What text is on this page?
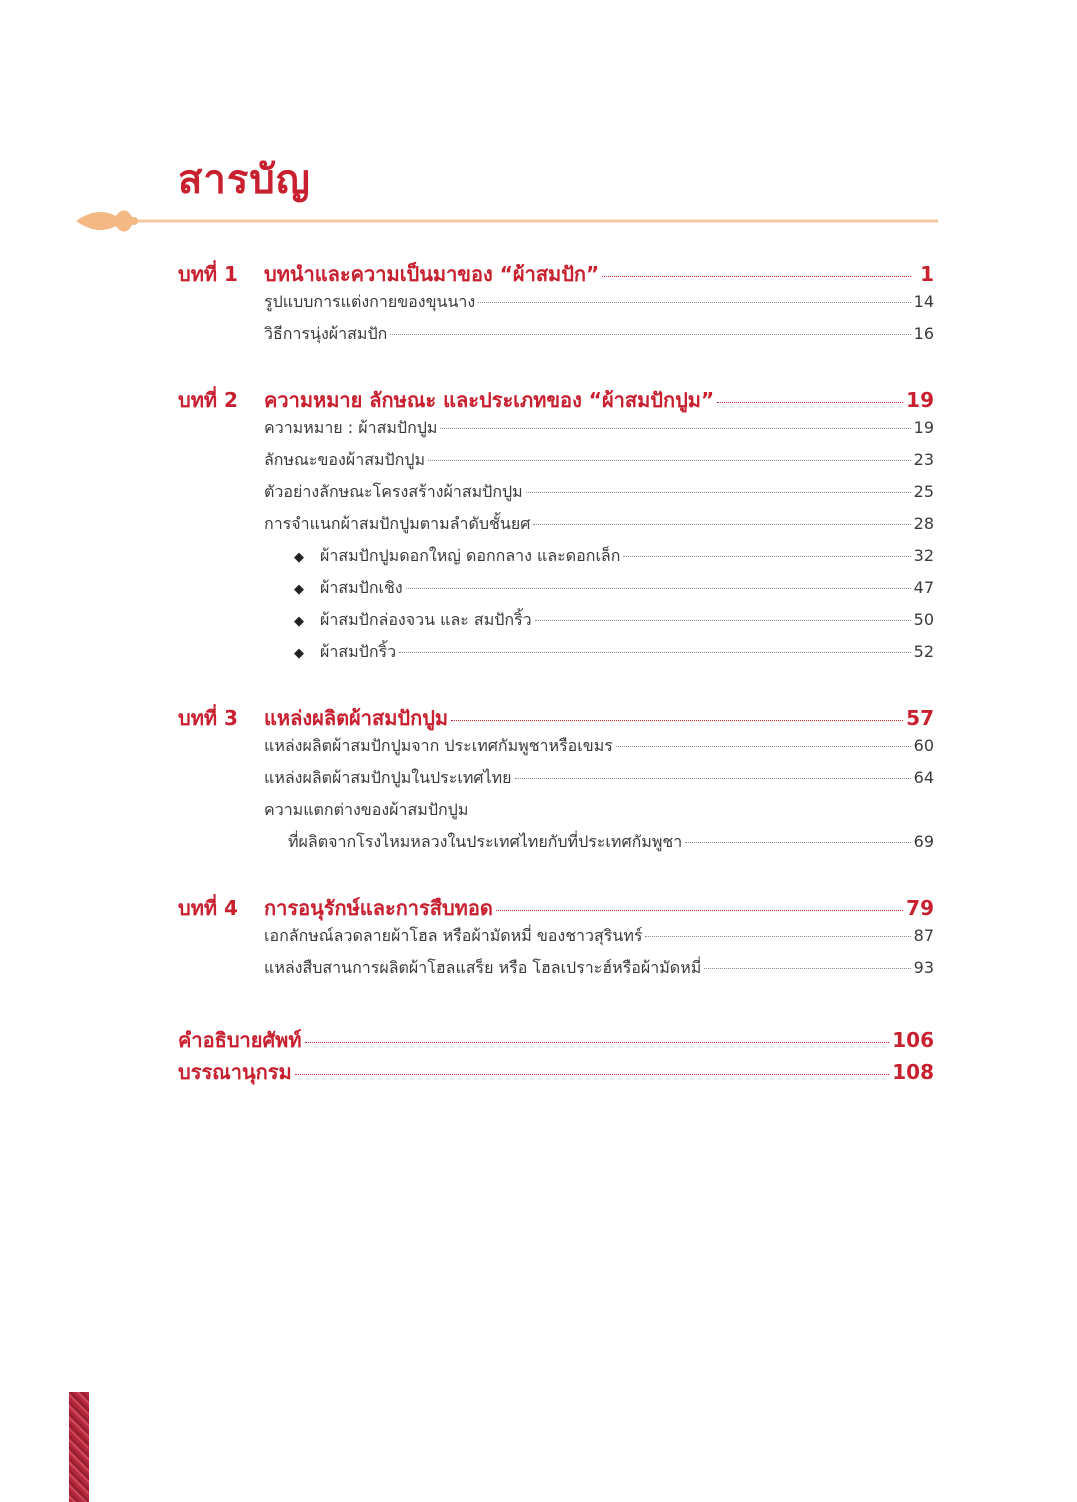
สารบัญ
บทที่ 1	บทนำและความเป็นมาของ “ผ้าสมปัก”	1
รูปแบบการแต่งกายของขุนนาง	14
วิธีการนุ่งผ้าสมปัก	16
บทที่ 2	ความหมาย ลักษณะ และประเภทของ “ผ้าสมปักปูม”	19
ความหมาย : ผ้าสมปักปูม	19
ลักษณะของผ้าสมปักปูม	23
ตัวอย่างลักษณะโครงสร้างผ้าสมปักปูม	25
การจำแนกผ้าสมปักปูมตามลำดับชั้นยศ	28
◆	ผ้าสมปักปูมดอกใหญ่ ดอกกลาง และดอกเล็ก	32
◆	ผ้าสมปักเชิง	47
◆	ผ้าสมปักล่องจวน และ สมปักริ้ว	50
◆	ผ้าสมปักริ้ว	52
บทที่ 3	แหล่งผลิตผ้าสมปักปูม	57
แหล่งผลิตผ้าสมปักปูมจาก ประเทศกัมพูชาหรือเขมร	60
แหล่งผลิตผ้าสมปักปูมในประเทศไทย	64
ความแตกต่างของผ้าสมปักปูม
ที่ผลิตจากโรงไหมหลวงในประเทศไทยกับที่ประเทศกัมพูชา	69
บทที่ 4	การอนุรักษ์และการสืบทอด	79
เอกลักษณ์ลวดลายผ้าโฮล หรือผ้ามัดหมี่ ของชาวสุรินทร์	87
แหล่งสืบสานการผลิตผ้าโฮลแสร็ย หรือ โฮลเปราะฮ์หรือผ้ามัดหมี่	93
คำอธิบายศัพท์	106
บรรณานุกรม	108
